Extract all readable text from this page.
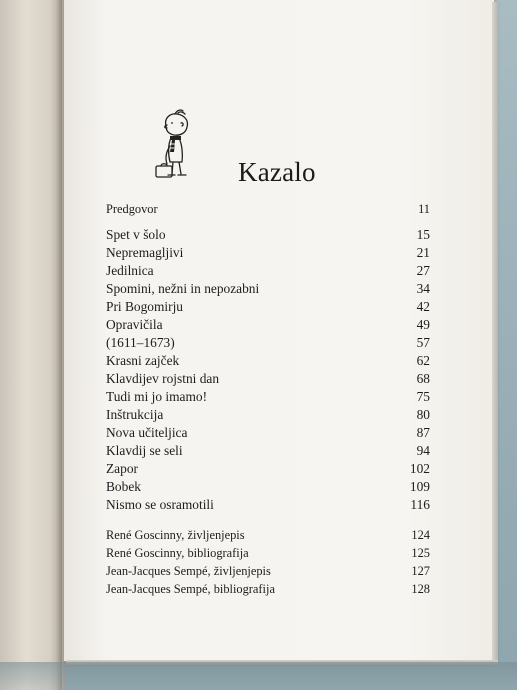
Kazalo
Predgovor	11
Spet v šolo	15
Nepremagljivi	21
Jedilnica	27
Spomini, nežni in nepozabni	34
Pri Bogomirju	42
Opravičila	49
(1611–1673)	57
Krasni zajček	62
Klavdijev rojstni dan	68
Tudi mi jo imamo!	75
Inštrukcija	80
Nova učiteljica	87
Klavdij se seli	94
Zapor	102
Bobek	109
Nismo se osramotili	116
René Goscinny, življenjepis	124
René Goscinny, bibliografija	125
Jean-Jacques Sempé, življenjepis	127
Jean-Jacques Sempé, bibliografija	128
